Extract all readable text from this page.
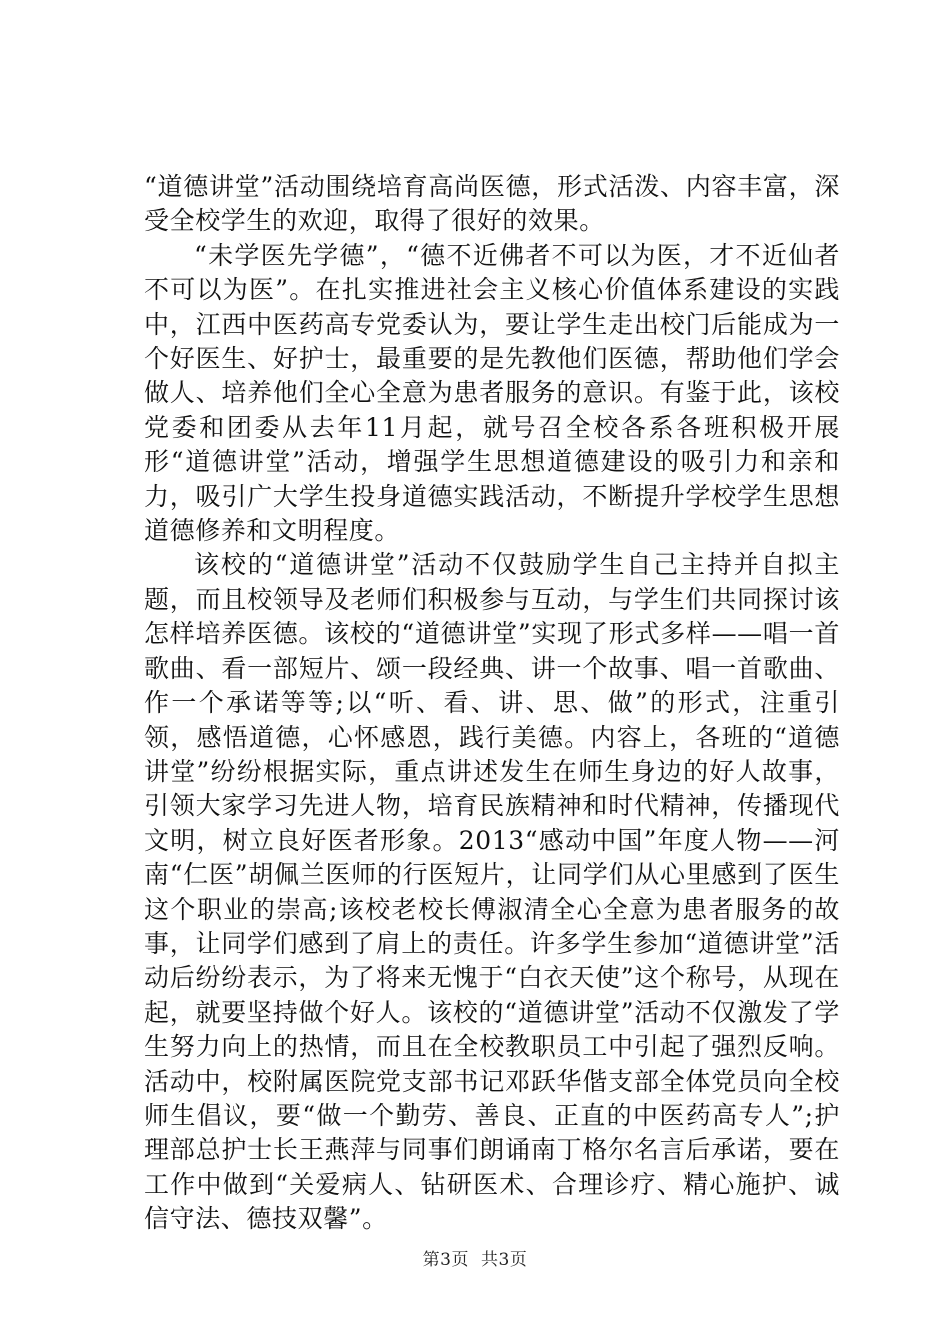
“道德讲堂”活动围绕培育高尚医德，形式活泼、内容丰富，深受全校学生的欢迎，取得了很好的效果。

“未学医先学德”，“德不近佛者不可以为医，才不近仙者不可以为医”。在扎实推进社会主义核心价值体系建设的实践中，江西中医药高专党委认为，要让学生走出校门后能成为一个好医生、好护士，最重要的是先教他们医德，帮助他们学会做人、培养他们全心全意为患者服务的意识。有鉴于此，该校党委和团委从去年11月起，就号召全校各系各班积极开展形“道德讲堂”活动，增强学生思想道德建设的吸引力和亲和力，吸引广大学生投身道德实践活动，不断提升学校学生思想道德修养和文明程度。

该校的“道德讲堂”活动不仅鼓励学生自己主持并自拟主题，而且校领导及老师们积极参与互动，与学生们共同探讨该怎样培养医德。该校的“道德讲堂”实现了形式多样——唱一首歌曲、看一部短片、颂一段经典、讲一个故事、唱一首歌曲、作一个承诺等等;以“听、看、讲、思、做”的形式，注重引领，感悟道德，心怀感恩，践行美德。内容上，各班的“道德讲堂”纷纷根据实际，重点讲述发生在师生身边的好人故事，引领大家学习先进人物，培育民族精神和时代精神，传播现代文明，树立良好医者形象。2013“感动中国”年度人物——河南“仁医”胡佩兰医师的行医短片，让同学们从心里感到了医生这个职业的崇高;该校老校长傅淑清全心全意为患者服务的故事，让同学们感到了肩上的责任。许多学生参加“道德讲堂”活动后纷纷表示，为了将来无愧于“白衣天使”这个称号，从现在起，就要坚持做个好人。该校的“道德讲堂”活动不仅激发了学生努力向上的热情，而且在全校教职员工中引起了强烈反响。活动中，校附属医院党支部书记邓跃华偕支部全体党员向全校师生倡议，要“做一个勤劳、善良、正直的中医药高专人”;护理部总护士长王燕萍与同事们朗诵南丁格尔名言后承诺，要在工作中做到“关爱病人、钻研医术、合理诊疗、精心施护、诚信守法、德技双馨”。

第3页 共3页
